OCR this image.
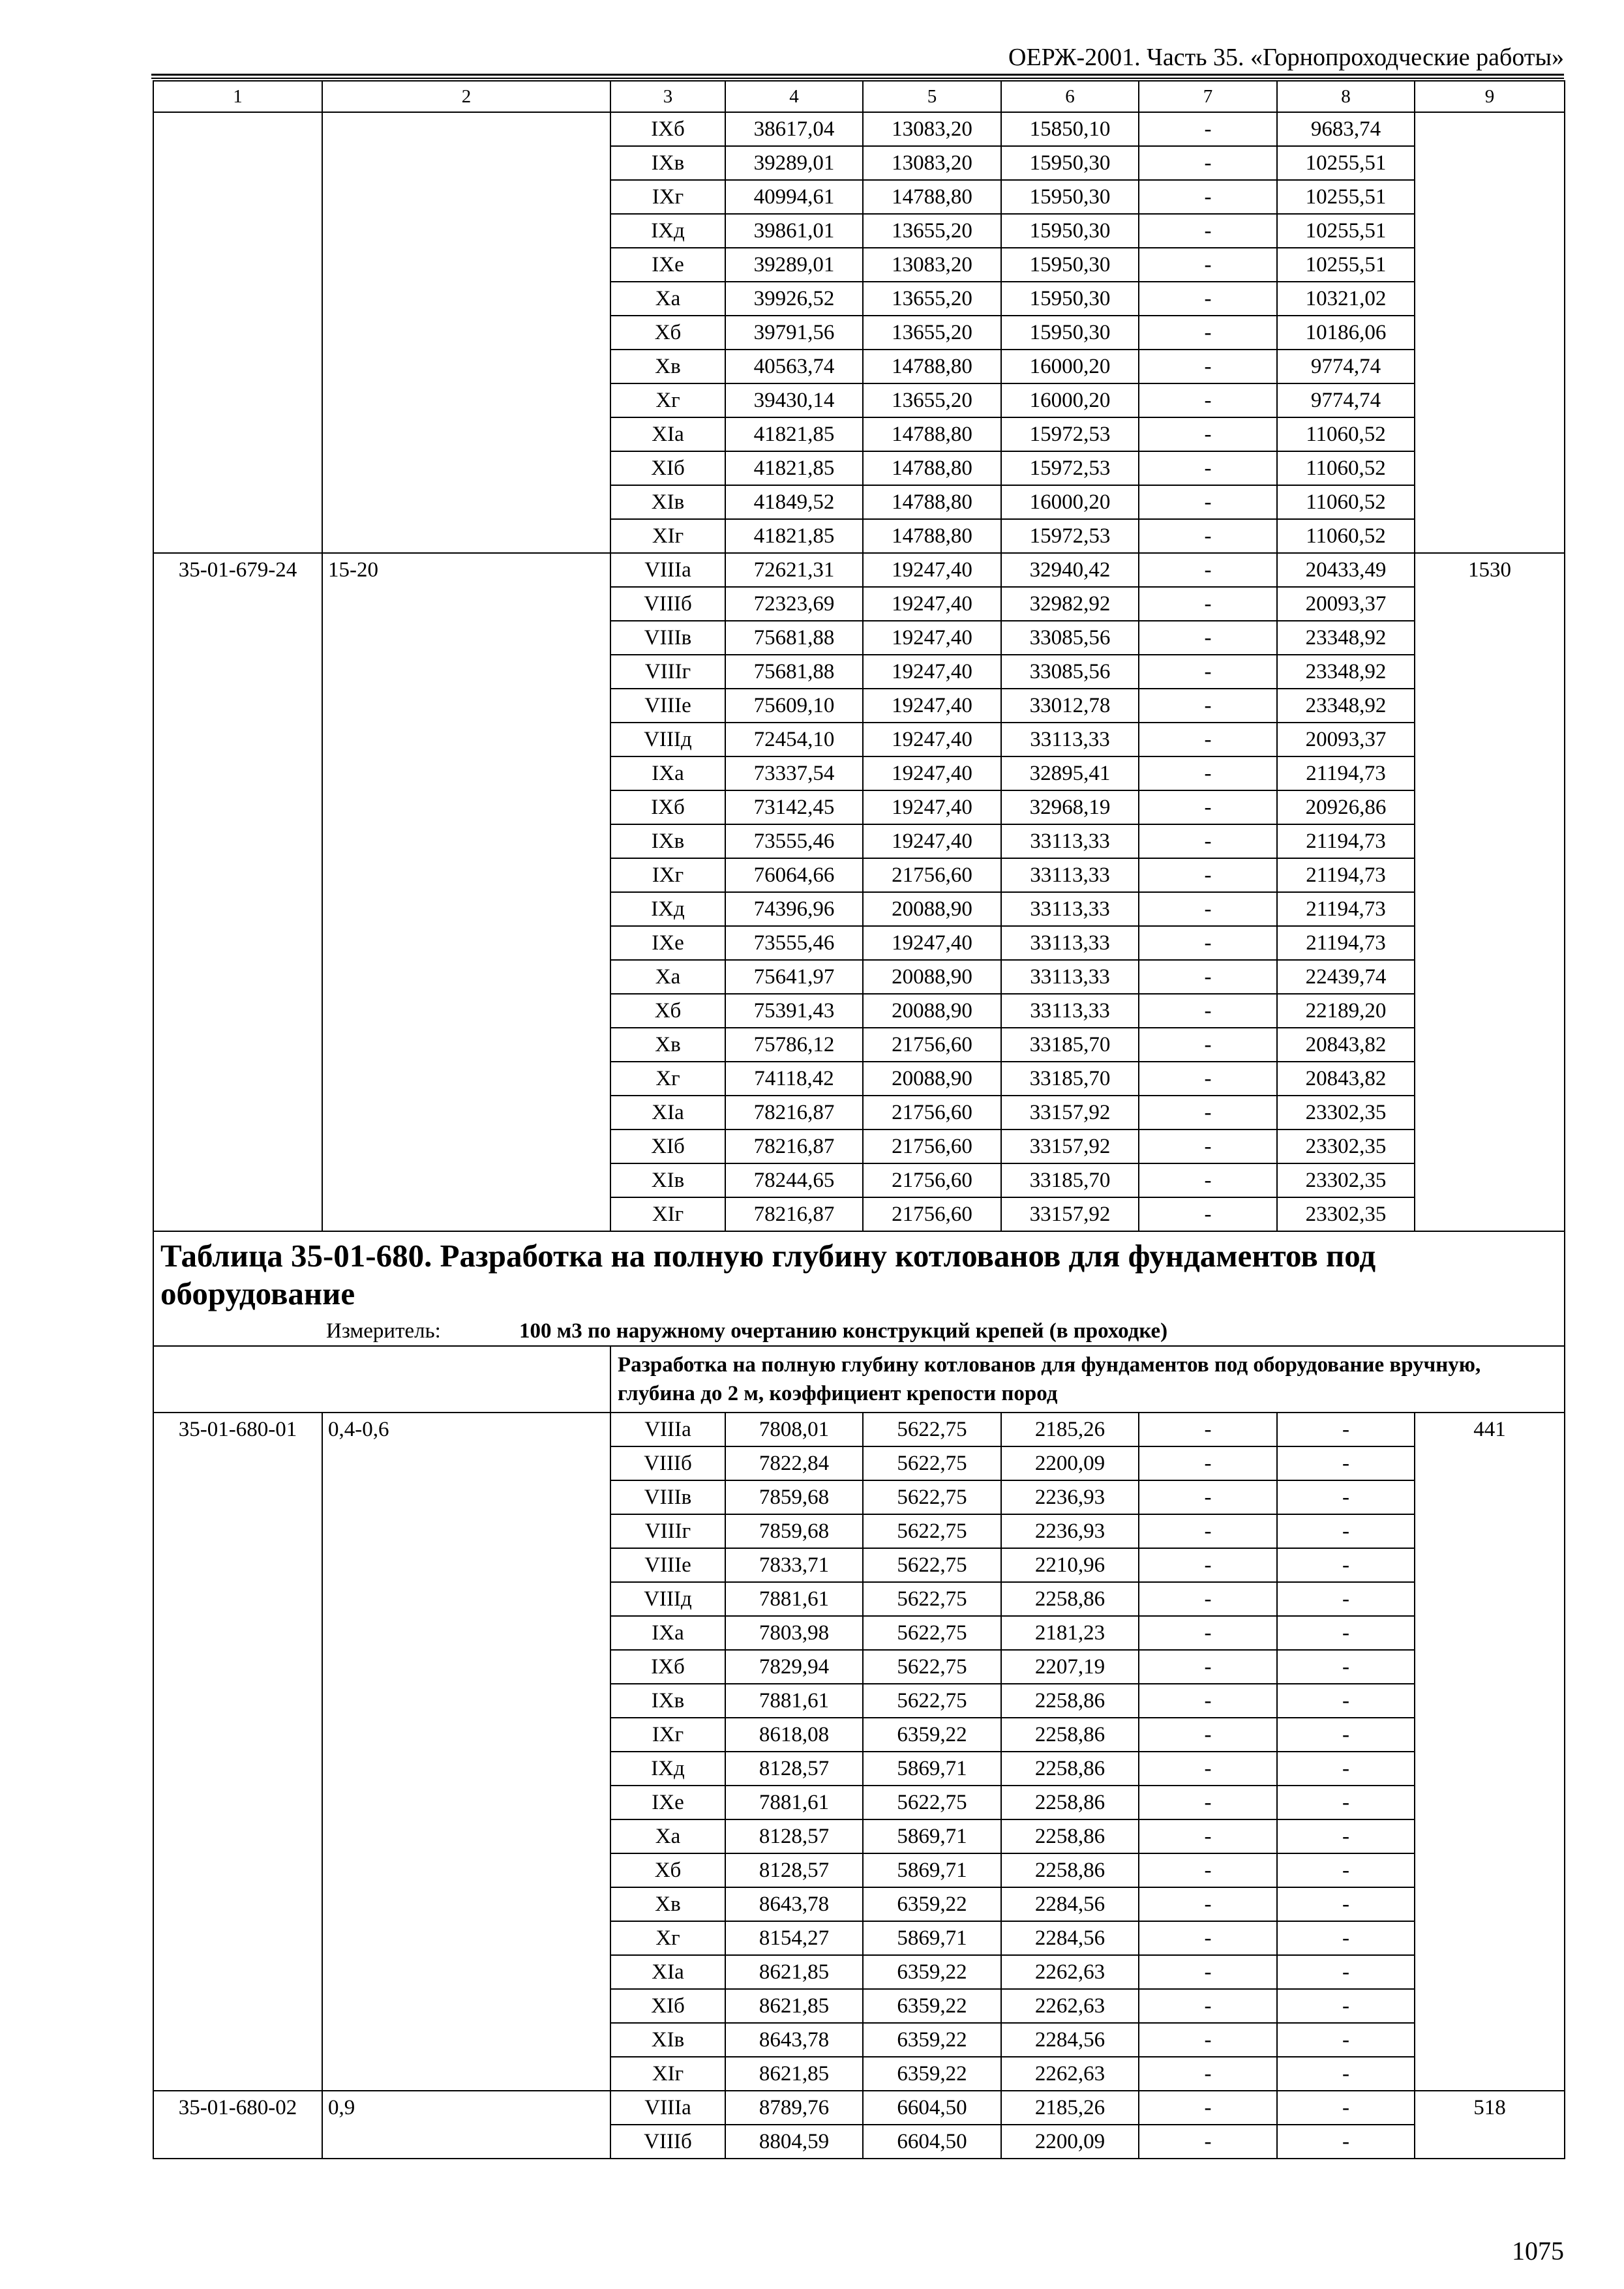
ОЕРЖ-2001. Часть 35. «Горнопроходческие работы»
1	2	3	4	5	6	7	8	9
		IXб	38617,04	13083,20	15850,10	-	9683,74	
		IXв	39289,01	13083,20	15950,30	-	10255,51	
		IXг	40994,61	14788,80	15950,30	-	10255,51	
		IXд	39861,01	13655,20	15950,30	-	10255,51	
		IXе	39289,01	13083,20	15950,30	-	10255,51	
		Xа	39926,52	13655,20	15950,30	-	10321,02	
		Xб	39791,56	13655,20	15950,30	-	10186,06	
		Xв	40563,74	14788,80	16000,20	-	9774,74	
		Xг	39430,14	13655,20	16000,20	-	9774,74	
		XIа	41821,85	14788,80	15972,53	-	11060,52	
		XIб	41821,85	14788,80	15972,53	-	11060,52	
		XIв	41849,52	14788,80	16000,20	-	11060,52	
		XIг	41821,85	14788,80	15972,53	-	11060,52	
35-01-679-24	15-20	VIIIа	72621,31	19247,40	32940,42	-	20433,49	1530
		VIIIб	72323,69	19247,40	32982,92	-	20093,37	
		VIIIв	75681,88	19247,40	33085,56	-	23348,92	
		VIIIг	75681,88	19247,40	33085,56	-	23348,92	
		VIIIе	75609,10	19247,40	33012,78	-	23348,92	
		VIIIд	72454,10	19247,40	33113,33	-	20093,37	
		IXа	73337,54	19247,40	32895,41	-	21194,73	
		IXб	73142,45	19247,40	32968,19	-	20926,86	
		IXв	73555,46	19247,40	33113,33	-	21194,73	
		IXг	76064,66	21756,60	33113,33	-	21194,73	
		IXд	74396,96	20088,90	33113,33	-	21194,73	
		IXе	73555,46	19247,40	33113,33	-	21194,73	
		Xа	75641,97	20088,90	33113,33	-	22439,74	
		Xб	75391,43	20088,90	33113,33	-	22189,20	
		Xв	75786,12	21756,60	33185,70	-	20843,82	
		Xг	74118,42	20088,90	33185,70	-	20843,82	
		XIа	78216,87	21756,60	33157,92	-	23302,35	
		XIб	78216,87	21756,60	33157,92	-	23302,35	
		XIв	78244,65	21756,60	33185,70	-	23302,35	
		XIг	78216,87	21756,60	33157,92	-	23302,35	
Таблица 35-01-680. Разработка на полную глубину котлованов для фундаментов под оборудование								
Измеритель: 100 м3 по наружному очертанию конструкций крепей (в проходке)								
		Разработка на полную глубину котлованов для фундаментов под оборудование вручную, глубина до 2 м, коэффициент крепости пород						
35-01-680-01	0,4-0,6	VIIIа	7808,01	5622,75	2185,26	-	-	441
		VIIIб	7822,84	5622,75	2200,09	-	-	
		VIIIв	7859,68	5622,75	2236,93	-	-	
		VIIIг	7859,68	5622,75	2236,93	-	-	
		VIIIе	7833,71	5622,75	2210,96	-	-	
		VIIIд	7881,61	5622,75	2258,86	-	-	
		IXа	7803,98	5622,75	2181,23	-	-	
		IXб	7829,94	5622,75	2207,19	-	-	
		IXв	7881,61	5622,75	2258,86	-	-	
		IXг	8618,08	6359,22	2258,86	-	-	
		IXд	8128,57	5869,71	2258,86	-	-	
		IXе	7881,61	5622,75	2258,86	-	-	
		Xа	8128,57	5869,71	2258,86	-	-	
		Xб	8128,57	5869,71	2258,86	-	-	
		Xв	8643,78	6359,22	2284,56	-	-	
		Xг	8154,27	5869,71	2284,56	-	-	
		XIа	8621,85	6359,22	2262,63	-	-	
		XIб	8621,85	6359,22	2262,63	-	-	
		XIв	8643,78	6359,22	2284,56	-	-	
		XIг	8621,85	6359,22	2262,63	-	-	
35-01-680-02	0,9	VIIIа	8789,76	6604,50	2185,26	-	-	518
		VIIIб	8804,59	6604,50	2200,09	-	-	
1075
